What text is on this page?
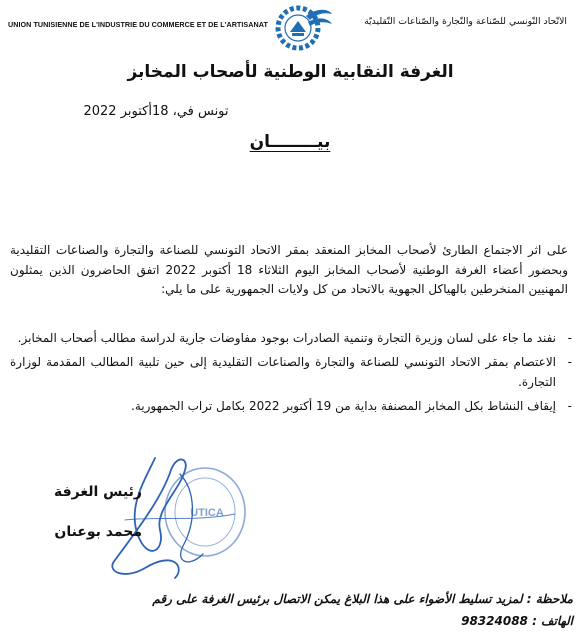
UNION TUNISIENNE DE L'INDUSTRIE DU COMMERCE ET DE L'ARTISANAT	الاتّحاد التّونسي للصّناعة والتّجارة والصّناعات التّقليديّة
الغرفة النقابية الوطنية لأصحاب المخابز
تونس في، 18أكتوبر 2022
بيــــــــان
على اثر الاجتماع الطارئ لأصحاب المخابز المنعقد بمقر الاتحاد التونسي للصناعة والتجارة والصناعات التقليدية وبحضور أعضاء الغرفة الوطنية لأصحاب المخابز اليوم الثلاثاء 18 أكتوبر 2022 اتفق الحاضرون الذين يمثلون المهنيين المنخرطين بالهياكل الجهوية بالاتحاد من كل ولايات الجمهورية على ما يلي:
-
نفند ما جاء على لسان وزيرة التجارة وتنمية الصادرات بوجود مفاوضات جارية لدراسة مطالب أصحاب المخابز.
-
الاعتصام بمقر الاتحاد التونسي للصناعة والتجارة والصناعات التقليدية إلى حين تلبية المطالب المقدمة لوزارة التجارة.
-
إيقاف النشاط بكل المخابز المصنفة بداية من 19 أكتوبر 2022 بكامل تراب الجمهورية.
UTICA
رئيس الغرفة
محمد بوعنان
ملاحظة : لمزيد تسليط الأضواء على هذا البلاغ يمكن الاتصال برئيس الغرفة على رقم
الهاتف : 98324088
